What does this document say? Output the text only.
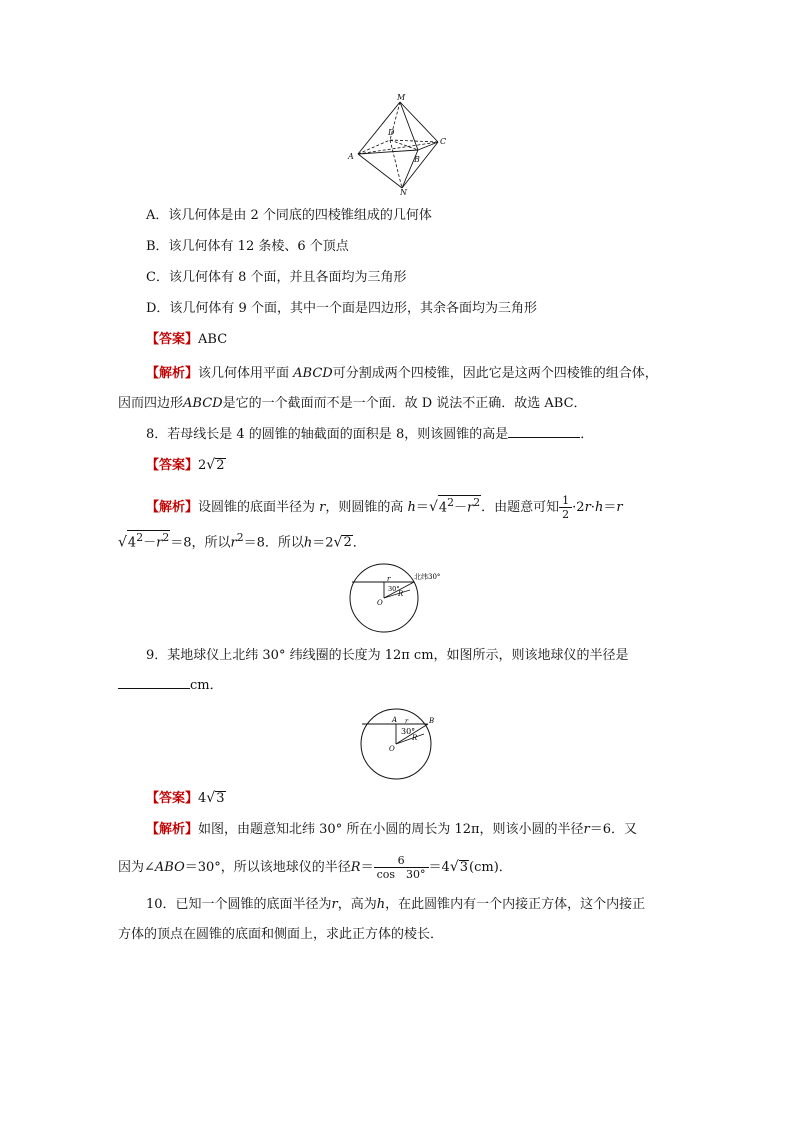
M
D
C
A	B
N
A．该几何体是由 2 个同底的四棱锥组成的几何体
B．该几何体有 12 条棱、6 个顶点
C．该几何体有 8 个面，并且各面均为三角形
D．该几何体有 9 个面，其中一个面是四边形，其余各面均为三角形
【答案】ABC
【解析】该几何体用平面 ABCD可分割成两个四棱锥，因此它是这两个四棱锥的组合体，
因而四边形ABCD是它的一个截面而不是一个面．故 D 说法不正确．故选 ABC．
8．若母线长是 4 的圆锥的轴截面的面积是 8，则该圆锥的高是	．
【答案】2√2
【解析】设圆锥的底面半径为 r，则圆锥的高 $h=√4^2-r^2$．由题意可知 $\frac{1}{2} \cdot 2r\cdot h=r$
$√4^2-r^2=8$，所以$r^2=8$．所以h＝2√2．
r
30°
R
O
北纬30°
9．某地球仪上北纬 30° 纬线圈的长度为 12π cm，如图所示，则该地球仪的半径是
cm．
A	B
r
30°
R
O
【答案】4√3
【解析】如图，由题意知北纬 30° 所在小圆的周长为 12π，则该小圆的半径r＝6．又
因为∠ABO＝30°，所以该地球仪的半径$R= \frac{6}{\cos 30^\circ} =4√3(cm)$．
10．已知一个圆锥的底面半径为r，高为h，在此圆锥内有一个内接正方体，这个内接正
方体的顶点在圆锥的底面和侧面上，求此正方体的棱长．
